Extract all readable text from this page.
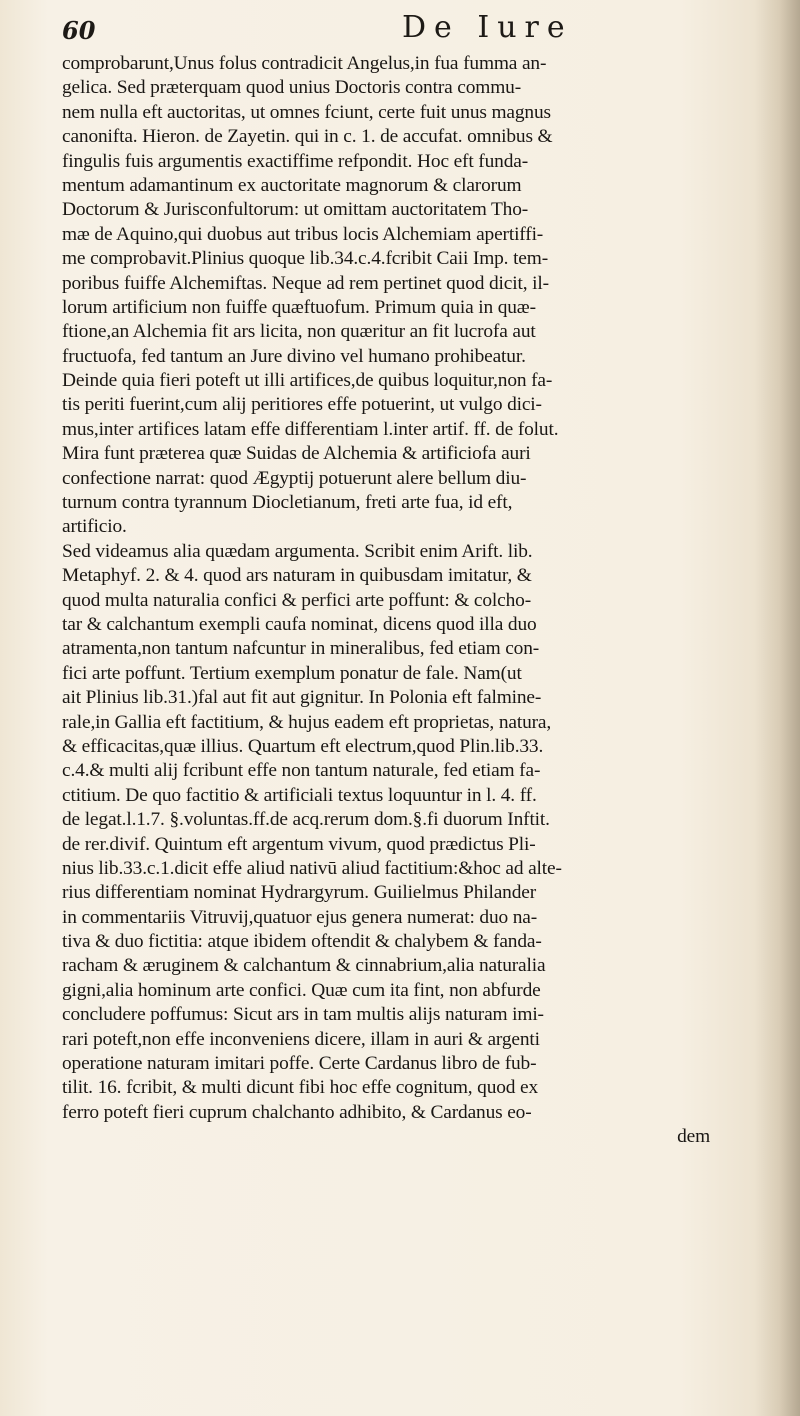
60	De Iure
comprobarunt,Unus folus contradicit Angelus,in fua fumma an-
gelica. Sed præterquam quod unius Doctoris contra commu-
nem nulla eft auctoritas, ut omnes fciunt, certe fuit unus magnus
canonifta. Hieron. de Zayetin. qui in c. 1. de accufat. omnibus &
fingulis fuis argumentis exactiffime refpondit. Hoc eft funda-
mentum adamantinum ex auctoritate magnorum & clarorum
Doctorum & Jurisconfultorum: ut omittam auctoritatem Tho-
mæ de Aquino,qui duobus aut tribus locis Alchemiam apertiffi-
me comprobavit.Plinius quoque lib.34.c.4.fcribit Caii Imp. tem-
poribus fuiffe Alchemiftas. Neque ad rem pertinet quod dicit, il-
lorum artificium non fuiffe quæftuofum. Primum quia in quæ-
ftione,an Alchemia fit ars licita, non quæritur an fit lucrofa aut
fructuofa, fed tantum an Jure divino vel humano prohibeatur.
Deinde quia fieri poteft ut illi artifices,de quibus loquitur,non fa-
tis periti fuerint,cum alij peritiores effe potuerint, ut vulgo dici-
mus,inter artifices latam effe differentiam l.inter artif. ff. de folut.
Mira funt præterea quæ Suidas de Alchemia & artificiofa auri
confectione narrat: quod Ægyptij potuerunt alere bellum diu-
turnum contra tyrannum Diocletianum, freti arte fua, id eft,
artificio.
Sed videamus alia quædam argumenta. Scribit enim Arift. lib.
Metaphyf. 2. & 4. quod ars naturam in quibusdam imitatur, &
quod multa naturalia confici & perfici arte poffunt: & colcho-
tar & calchantum exempli caufa nominat, dicens quod illa duo
atramenta,non tantum nafcuntur in mineralibus, fed etiam con-
fici arte poffunt. Tertium exemplum ponatur de fale. Nam(ut
ait Plinius lib.31.)fal aut fit aut gignitur. In Polonia eft falmine-
rale,in Gallia eft factitium, & hujus eadem eft proprietas, natura,
& efficacitas,quæ illius. Quartum eft electrum,quod Plin.lib.33.
c.4.& multi alij fcribunt effe non tantum naturale, fed etiam fa-
ctitium. De quo factitio & artificiali textus loquuntur in l. 4. ff.
de legat.l.1.7. §.voluntas.ff.de acq.rerum dom.§.fi duorum Inftit.
de rer.divif. Quintum eft argentum vivum, quod prædictus Pli-
nius lib.33.c.1.dicit effe aliud nativū aliud factitium:&hoc ad alte-
rius differentiam nominat Hydrargyrum. Guilielmus Philander
in commentariis Vitruvij,quatuor ejus genera numerat: duo na-
tiva & duo fictitia: atque ibidem oftendit & chalybem & fanda-
racham & æruginem & calchantum & cinnabrium,alia naturalia
gigni,alia hominum arte confici. Quæ cum ita fint, non abfurde
concludere poffumus: Sicut ars in tam multis alijs naturam imi-
rari poteft,non effe inconveniens dicere, illam in auri & argenti
operatione naturam imitari poffe. Certe Cardanus libro de fub-
tilit. 16. fcribit, & multi dicunt fibi hoc effe cognitum, quod ex
ferro poteft fieri cuprum chalchanto adhibito, & Cardanus eo-
dem
